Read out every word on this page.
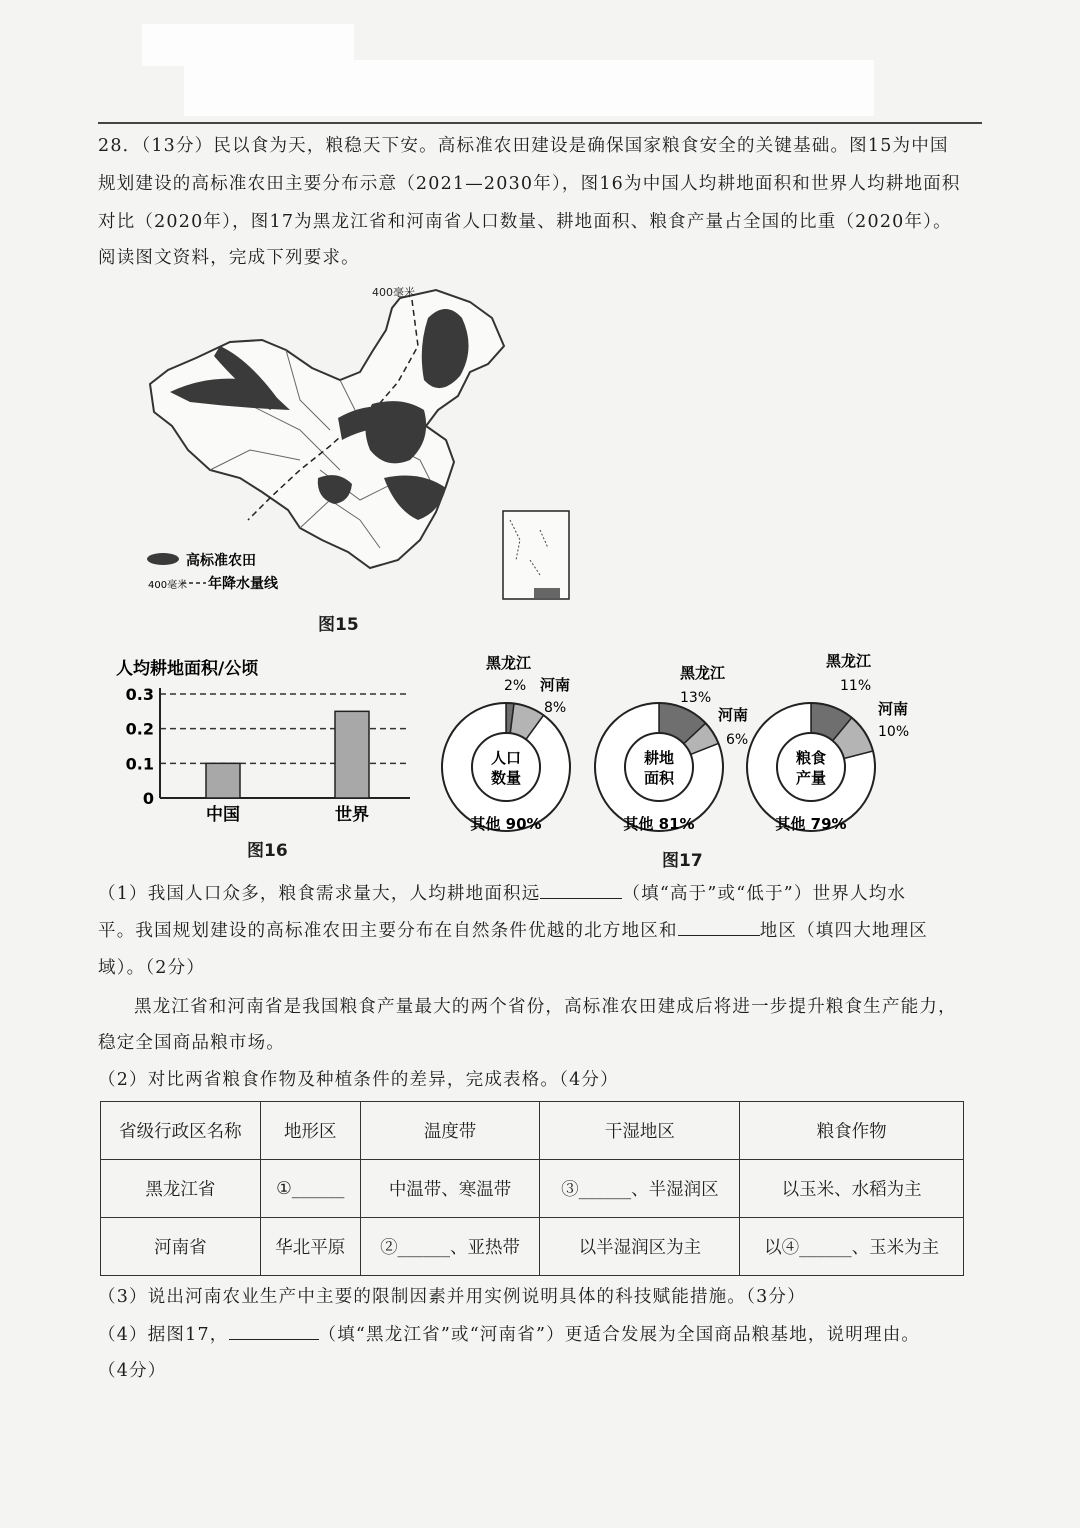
28．（13分）民以食为天，粮稳天下安。高标准农田建设是确保国家粮食安全的关键基础。图15为中国
规划建设的高标准农田主要分布示意（2021—2030年），图16为中国人均耕地面积和世界人均耕地面积
对比（2020年），图17为黑龙江省和河南省人口数量、耕地面积、粮食产量占全国的比重（2020年）。
阅读图文资料，完成下列要求。
400毫米
高标准农田
400毫米 年降水量线
图15
人均耕地面积/公顷
0
0.1
0.2
0.3
中国	世界
图16
人口
数量
黑龙江
2% 河南
8%
其他 90%
耕地
面积
黑龙江
13%
河南
6%
其他 81%
粮食
产量
黑龙江
11%
河南
10%
其他 79%
图17
（1）我国人口众多，粮食需求量大，人均耕地面积远	（填“高于”或“低于”）世界人均水
平。我国规划建设的高标准农田主要分布在自然条件优越的北方地区和	地区（填四大地理区
域）。（2分）
黑龙江省和河南省是我国粮食产量最大的两个省份，高标准农田建成后将进一步提升粮食生产能力，
稳定全国商品粮市场。
（2）对比两省粮食作物及种植条件的差异，完成表格。（4分）
省级行政区名称	地形区	温度带	干湿地区	粮食作物
黑龙江省	①______	中温带、寒温带	③______、半湿润区	以玉米、水稻为主
河南省	华北平原	②______、亚热带	以半湿润区为主	以④______、玉米为主
（3）说出河南农业生产中主要的限制因素并用实例说明具体的科技赋能措施。（3分）
（4）据图17，	（填“黑龙江省”或“河南省”）更适合发展为全国商品粮基地，说明理由。
（4分）
